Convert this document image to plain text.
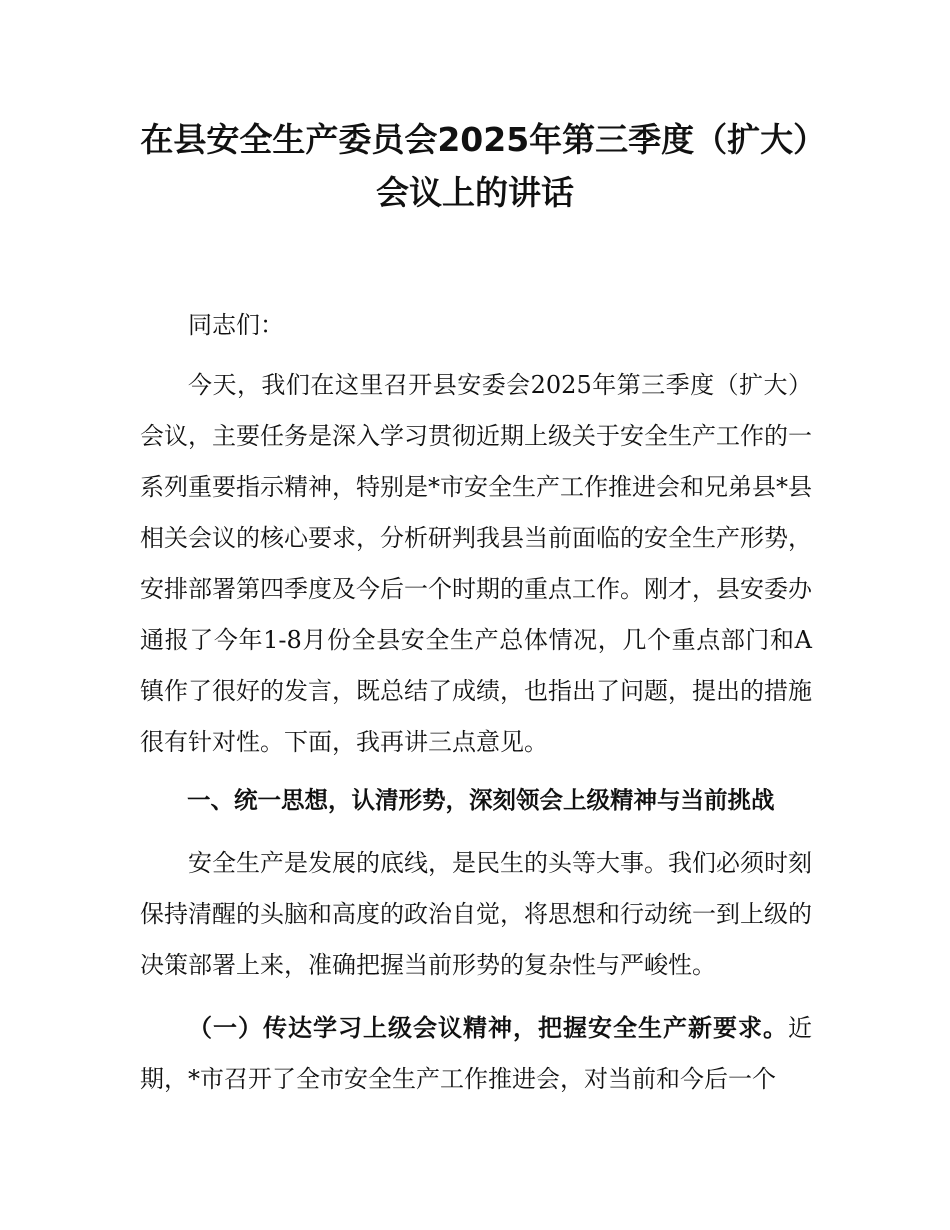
在县安全生产委员会2025年第三季度（扩大）会议上的讲话

同志们：

今天，我们在这里召开县安委会2025年第三季度（扩大）会议，主要任务是深入学习贯彻近期上级关于安全生产工作的一系列重要指示精神，特别是*市安全生产工作推进会和兄弟县*县相关会议的核心要求，分析研判我县当前面临的安全生产形势，安排部署第四季度及今后一个时期的重点工作。刚才，县安委办通报了今年1-8月份全县安全生产总体情况，几个重点部门和A镇作了很好的发言，既总结了成绩，也指出了问题，提出的措施很有针对性。下面，我再讲三点意见。

一、统一思想，认清形势，深刻领会上级精神与当前挑战

安全生产是发展的底线，是民生的头等大事。我们必须时刻保持清醒的头脑和高度的政治自觉，将思想和行动统一到上级的决策部署上来，准确把握当前形势的复杂性与严峻性。

（一）传达学习上级会议精神，把握安全生产新要求。近期，*市召开了全市安全生产工作推进会，对当前和今后一个
